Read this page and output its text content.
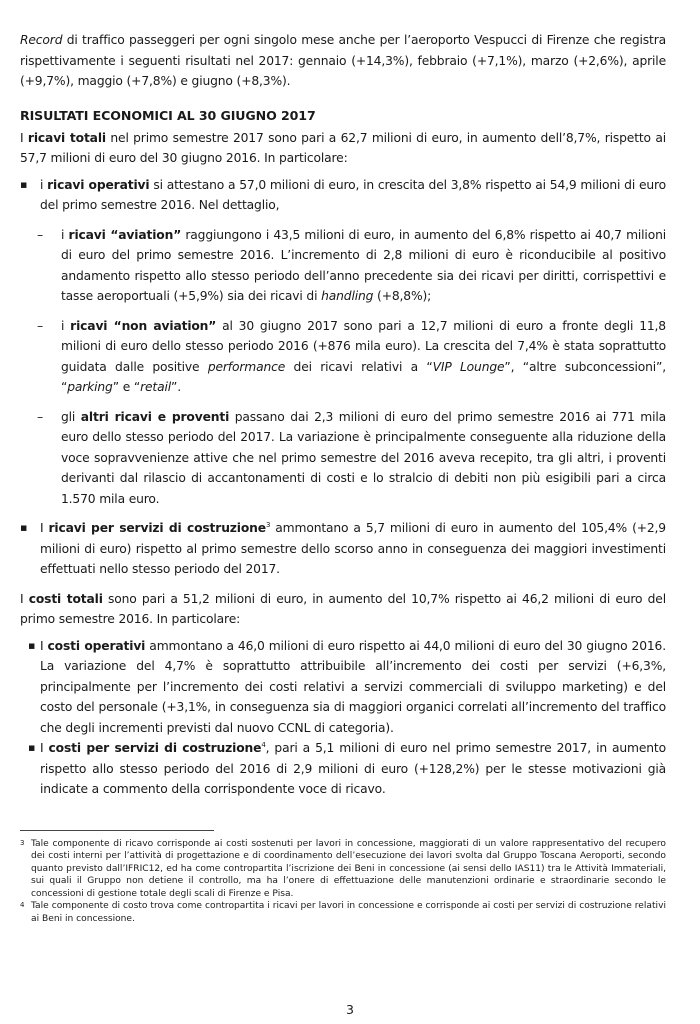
Record di traffico passeggeri per ogni singolo mese anche per l’aeroporto Vespucci di Firenze che registra rispettivamente i seguenti risultati nel 2017: gennaio (+14,3%), febbraio (+7,1%), marzo (+2,6%), aprile (+9,7%), maggio (+7,8%) e giugno (+8,3%).

RISULTATI ECONOMICI AL 30 GIUGNO 2017

I ricavi totali nel primo semestre 2017 sono pari a 62,7 milioni di euro, in aumento dell’8,7%, rispetto ai 57,7 milioni di euro del 30 giugno 2016. In particolare:

▪ i ricavi operativi si attestano a 57,0 milioni di euro, in crescita del 3,8% rispetto ai 54,9 milioni di euro del primo semestre 2016. Nel dettaglio,
– i ricavi “aviation” raggiungono i 43,5 milioni di euro, in aumento del 6,8% rispetto ai 40,7 milioni di euro del primo semestre 2016. L’incremento di 2,8 milioni di euro è riconducibile al positivo andamento rispetto allo stesso periodo dell’anno precedente sia dei ricavi per diritti, corrispettivi e tasse aeroportuali (+5,9%) sia dei ricavi di handling (+8,8%);
– i ricavi “non aviation” al 30 giugno 2017 sono pari a 12,7 milioni di euro a fronte degli 11,8 milioni di euro dello stesso periodo 2016 (+876 mila euro). La crescita del 7,4% è stata soprattutto guidata dalle positive performance dei ricavi relativi a “VIP Lounge”, “altre subconcessioni”, “parking” e “retail”.
– gli altri ricavi e proventi passano dai 2,3 milioni di euro del primo semestre 2016 ai 771 mila euro dello stesso periodo del 2017. La variazione è principalmente conseguente alla riduzione della voce sopravvenienze attive che nel primo semestre del 2016 aveva recepito, tra gli altri, i proventi derivanti dal rilascio di accantonamenti di costi e lo stralcio di debiti non più esigibili pari a circa 1.570 mila euro.
▪ I ricavi per servizi di costruzione$^3$ ammontano a 5,7 milioni di euro in aumento del 105,4% (+2,9 milioni di euro) rispetto al primo semestre dello scorso anno in conseguenza dei maggiori investimenti effettuati nello stesso periodo del 2017.

I costi totali sono pari a 51,2 milioni di euro, in aumento del 10,7% rispetto ai 46,2 milioni di euro del primo semestre 2016. In particolare:

▪ I costi operativi ammontano a 46,0 milioni di euro rispetto ai 44,0 milioni di euro del 30 giugno 2016. La variazione del 4,7% è soprattutto attribuibile all’incremento dei costi per servizi (+6,3%, principalmente per l’incremento dei costi relativi a servizi commerciali di sviluppo marketing) e del costo del personale (+3,1%, in conseguenza sia di maggiori organici correlati all’incremento del traffico che degli incrementi previsti dal nuovo CCNL di categoria).
▪ I costi per servizi di costruzione$^4$, pari a 5,1 milioni di euro nel primo semestre 2017, in aumento rispetto allo stesso periodo del 2016 di 2,9 milioni di euro (+128,2%) per le stesse motivazioni già indicate a commento della corrispondente voce di ricavo.

3 Tale componente di ricavo corrisponde ai costi sostenuti per lavori in concessione, maggiorati di un valore rappresentativo del recupero dei costi interni per l’attività di progettazione e di coordinamento dell’esecuzione dei lavori svolta dal Gruppo Toscana Aeroporti, secondo quanto previsto dall’IFRIC12, ed ha come contropartita l’iscrizione dei Beni in concessione (ai sensi dello IAS11) tra le Attività Immateriali, sui quali il Gruppo non detiene il controllo, ma ha l’onere di effettuazione delle manutenzioni ordinarie e straordinarie secondo le concessioni di gestione totale degli scali di Firenze e Pisa.

4 Tale componente di costo trova come contropartita i ricavi per lavori in concessione e corrisponde ai costi per servizi di costruzione relativi ai Beni in concessione.

3
